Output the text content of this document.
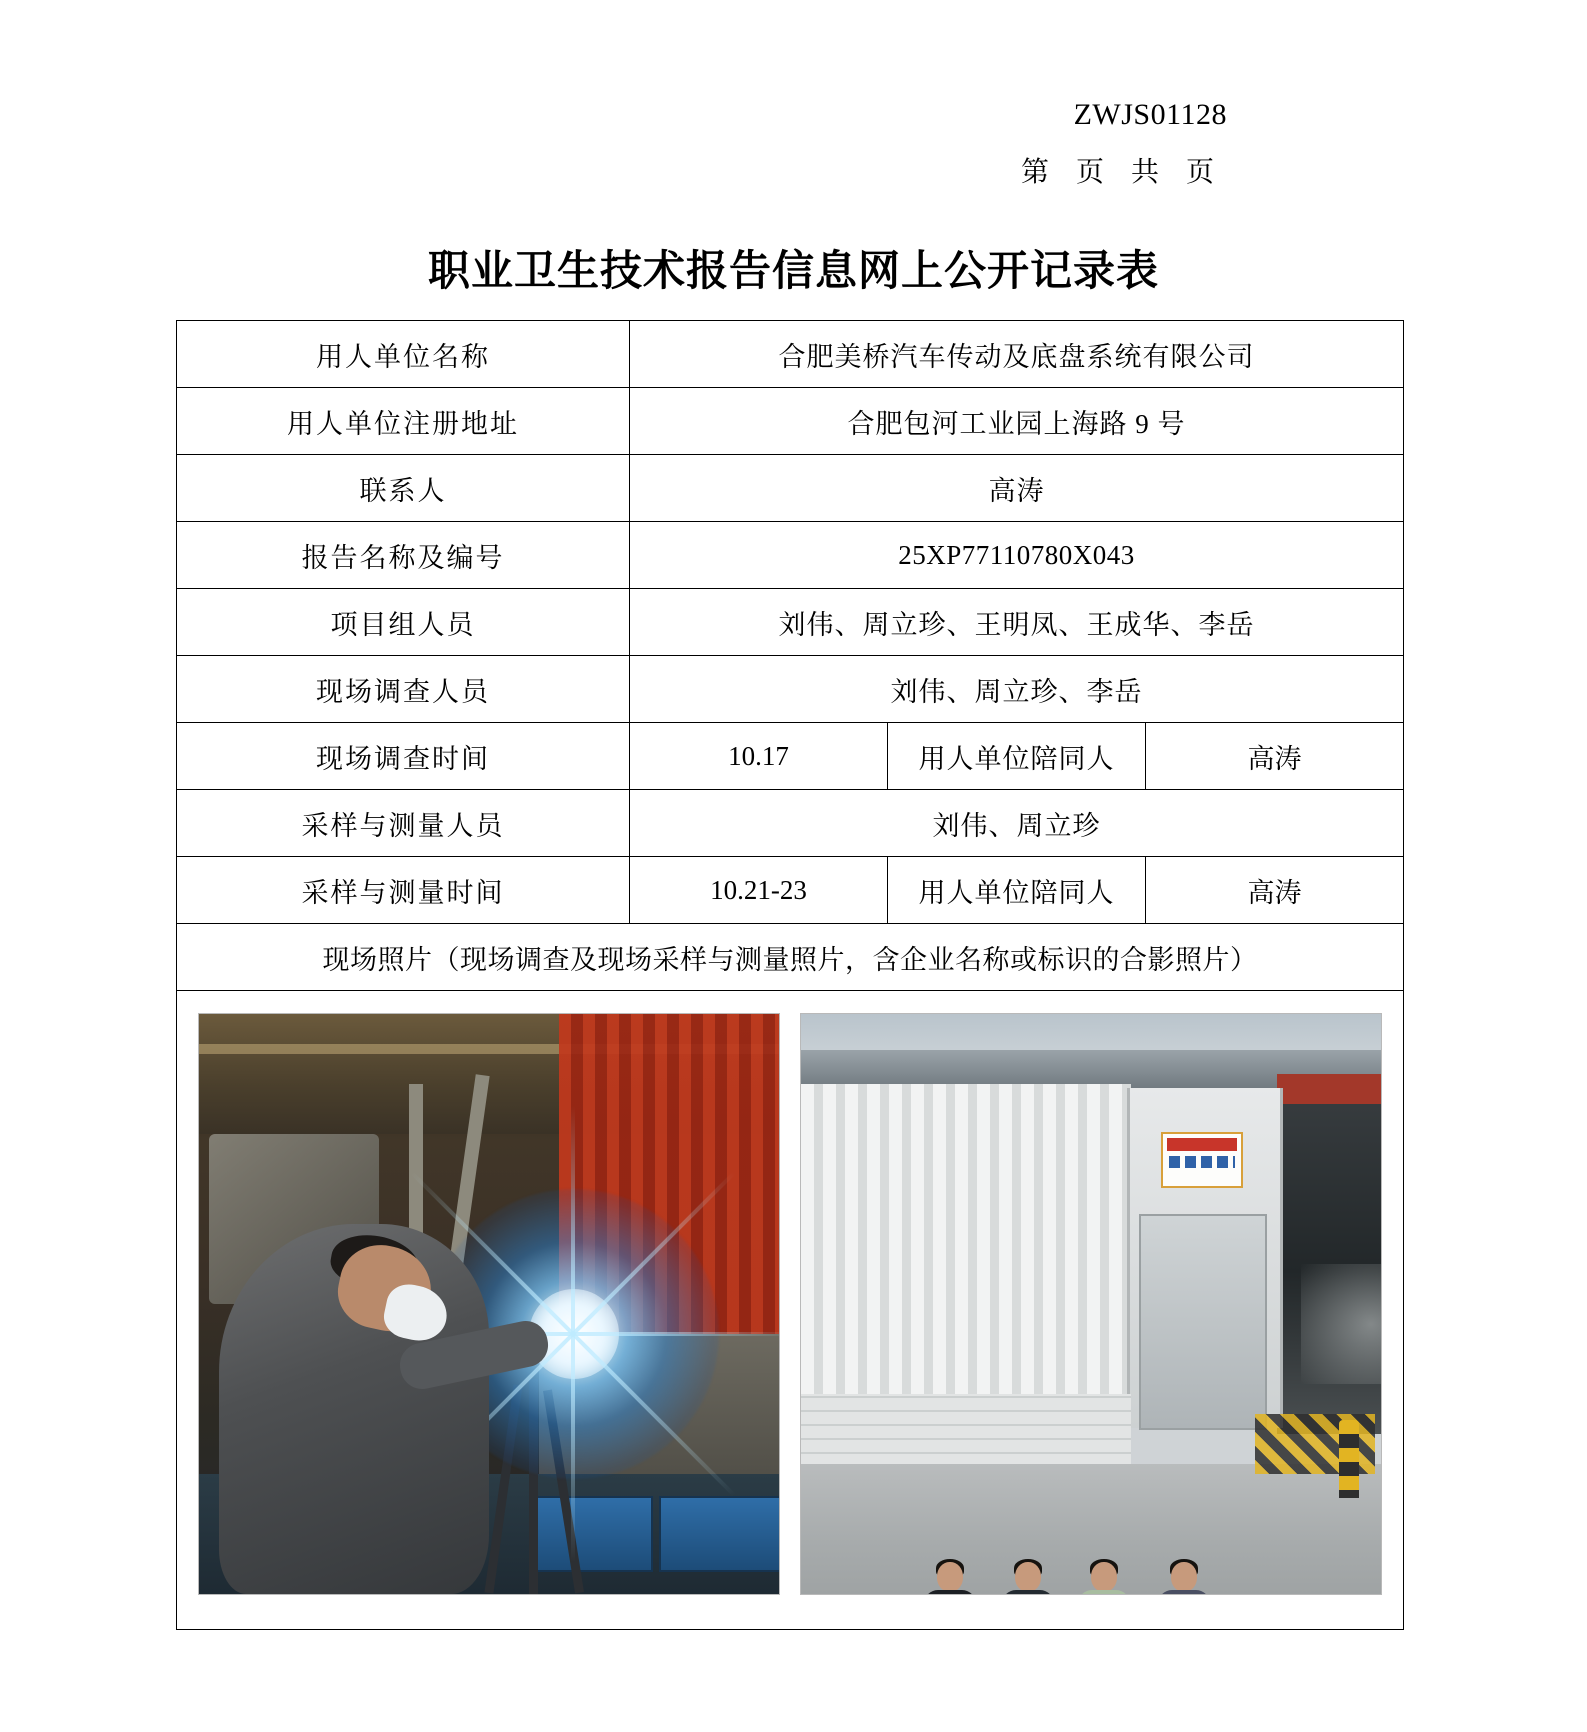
ZWJS01128
第 页 共 页
职业卫生技术报告信息网上公开记录表
用人单位名称	合肥美桥汽车传动及底盘系统有限公司		
用人单位注册地址	合肥包河工业园上海路 9 号		
联系人	高涛		
报告名称及编号	25XP77110780X043		
项目组人员	刘伟、周立珍、王明凤、王成华、李岳		
现场调查人员	刘伟、周立珍、李岳		
现场调查时间	10.17	用人单位陪同人	高涛
采样与测量人员	刘伟、周立珍		
采样与测量时间	10.21-23	用人单位陪同人	高涛
现场照片（现场调查及现场采样与测量照片，含企业名称或标识的合影照片）			
